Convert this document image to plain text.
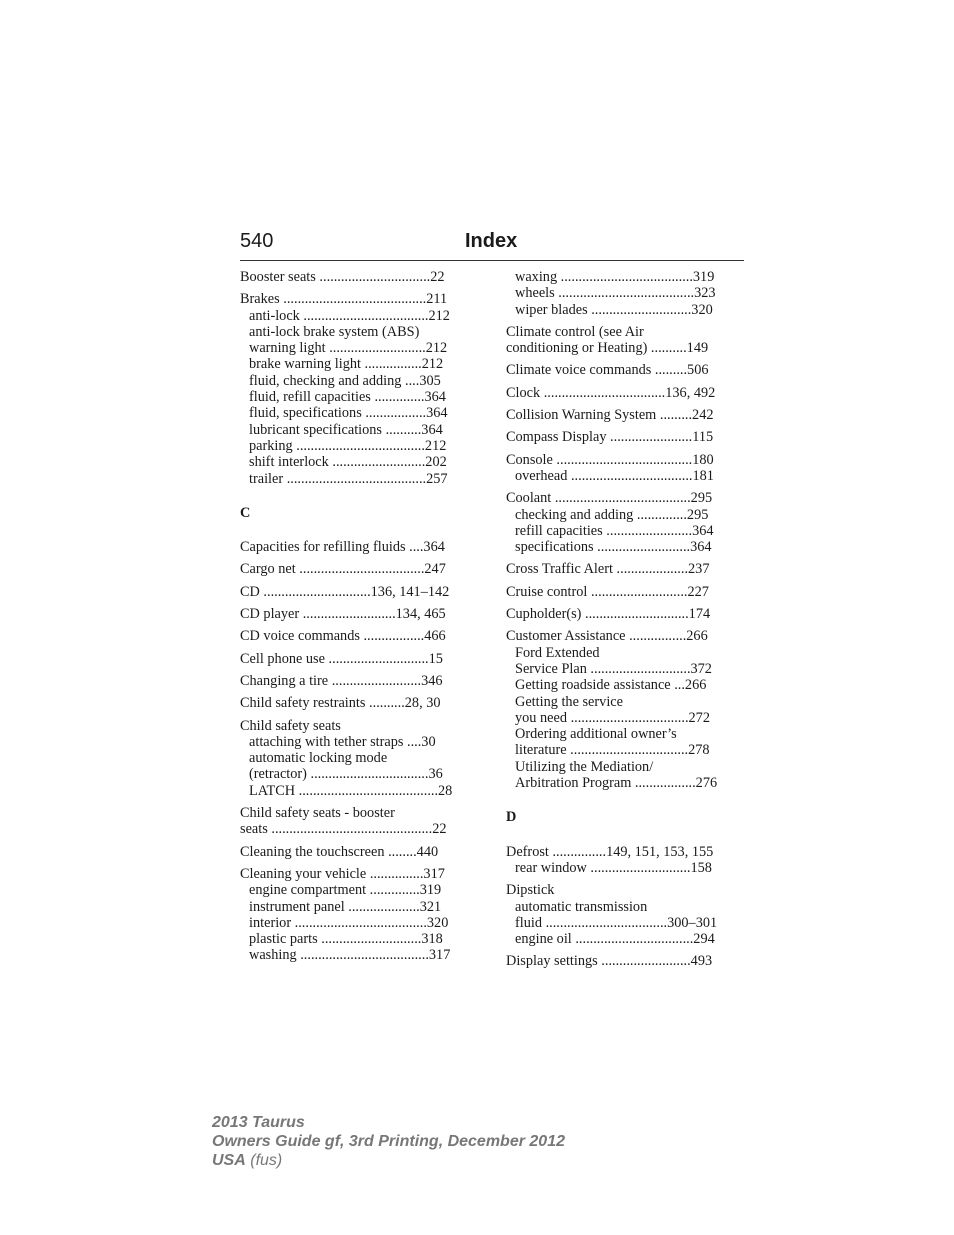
540	Index
Booster seats ...............................22
Brakes ........................................211
anti-lock ...................................212
anti-lock brake system (ABS)
warning light ...........................212
brake warning light ................212
fluid, checking and adding ....305
fluid, refill capacities ..............364
fluid, specifications .................364
lubricant specifications ..........364
parking ....................................212
shift interlock ..........................202
trailer .......................................257
C
Capacities for refilling fluids ....364
Cargo net ...................................247
CD ..............................136, 141–142
CD player ..........................134, 465
CD voice commands .................466
Cell phone use ............................15
Changing a tire .........................346
Child safety restraints ..........28, 30
Child safety seats
attaching with tether straps ....30
automatic locking mode
(retractor) .................................36
LATCH .......................................28
Child safety seats - booster
seats .............................................22
Cleaning the touchscreen ........440
Cleaning your vehicle ...............317
engine compartment ..............319
instrument panel ....................321
interior .....................................320
plastic parts ............................318
washing ....................................317
waxing .....................................319
wheels ......................................323
wiper blades ............................320
Climate control (see Air
conditioning or Heating) ..........149
Climate voice commands .........506
Clock ..................................136, 492
Collision Warning System .........242
Compass Display .......................115
Console ......................................180
overhead ..................................181
Coolant ......................................295
checking and adding ..............295
refill capacities ........................364
specifications ..........................364
Cross Traffic Alert ....................237
Cruise control ...........................227
Cupholder(s) .............................174
Customer Assistance ................266
Ford Extended
Service Plan ............................372
Getting roadside assistance ...266
Getting the service
you need .................................272
Ordering additional owner’s
literature .................................278
Utilizing the Mediation/
Arbitration Program .................276
D
Defrost ...............149, 151, 153, 155
rear window ............................158
Dipstick
automatic transmission
fluid ..................................300–301
engine oil .................................294
Display settings .........................493
2013 Taurus
Owners Guide gf, 3rd Printing, December 2012
USA (fus)
